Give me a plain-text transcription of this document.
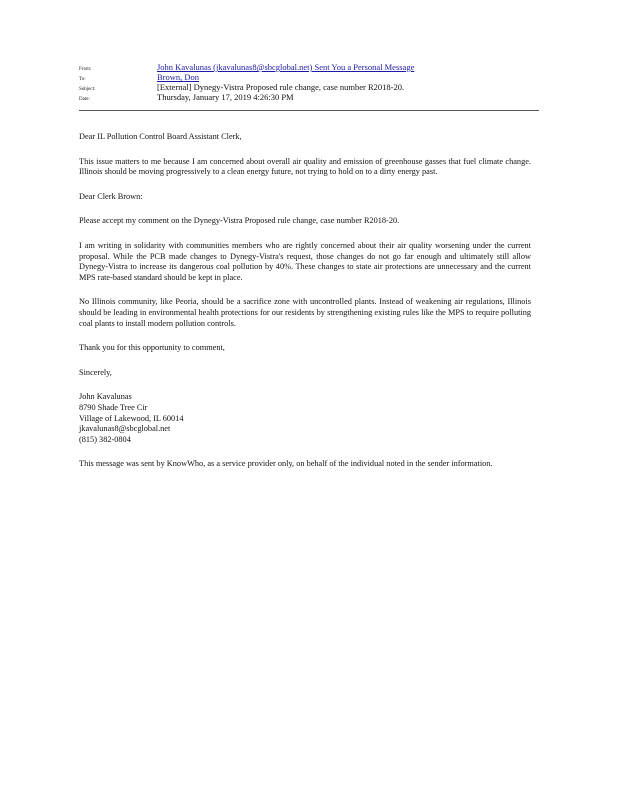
From:	John Kavalunas (jkavalunas8@sbcglobal.net) Sent You a Personal Message
To:	Brown, Don
Subject:	[External] Dynegy-Vistra Proposed rule change, case number R2018-20.
Date:	Thursday, January 17, 2019 4:26:30 PM

Dear IL Pollution Control Board Assistant Clerk,

This issue matters to me because I am concerned about overall air quality and emission of greenhouse gasses that fuel climate change. Illinois should be moving progressively to a clean energy future, not trying to hold on to a dirty energy past.

Dear Clerk Brown:

Please accept my comment on the Dynegy-Vistra Proposed rule change, case number R2018-20.

I am writing in solidarity with communities members who are rightly concerned about their air quality worsening under the current proposal. While the PCB made changes to Dynegy-Vistra's request, those changes do not go far enough and ultimately still allow Dynegy-Vistra to increase its dangerous coal pollution by 40%. These changes to state air protections are unnecessary and the current MPS rate-based standard should be kept in place.

No Illinois community, like Peoria, should be a sacrifice zone with uncontrolled plants. Instead of weakening air regulations, Illinois should be leading in environmental health protections for our residents by strengthening existing rules like the MPS to require polluting coal plants to install modern pollution controls.

Thank you for this opportunity to comment,

Sincerely,

John Kavalunas
8790 Shade Tree Cir
Village of Lakewood, IL 60014
jkavalunas8@sbcglobal.net
(815) 382-0804

This message was sent by KnowWho, as a service provider only, on behalf of the individual noted in the sender information.
